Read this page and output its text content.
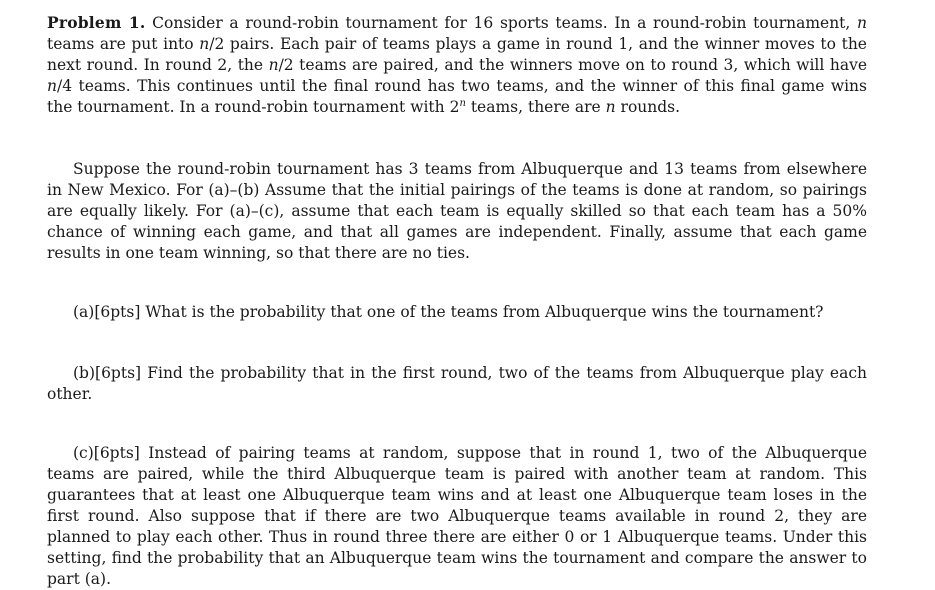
Problem 1. Consider a round-robin tournament for 16 sports teams. In a round-robin tournament, n teams are put into n/2 pairs. Each pair of teams plays a game in round 1, and the winner moves to the next round. In round 2, the n/2 teams are paired, and the winners move on to round 3, which will have n/4 teams. This continues until the final round has two teams, and the winner of this final game wins the tournament. In a round-robin tournament with 2$^n$ teams, there are n rounds.

Suppose the round-robin tournament has 3 teams from Albuquerque and 13 teams from elsewhere in New Mexico. For (a)–(b) Assume that the initial pairings of the teams is done at random, so pairings are equally likely. For (a)–(c), assume that each team is equally skilled so that each team has a 50% chance of winning each game, and that all games are independent. Finally, assume that each game results in one team winning, so that there are no ties.

(a)[6pts] What is the probability that one of the teams from Albuquerque wins the tournament?

(b)[6pts] Find the probability that in the first round, two of the teams from Albuquerque play each other.

(c)[6pts] Instead of pairing teams at random, suppose that in round 1, two of the Albuquerque teams are paired, while the third Albuquerque team is paired with another team at random. This guarantees that at least one Albuquerque team wins and at least one Albuquerque team loses in the first round. Also suppose that if there are two Albuquerque teams available in round 2, they are planned to play each other. Thus in round three there are either 0 or 1 Albuquerque teams. Under this setting, find the probability that an Albuquerque team wins the tournament and compare the answer to part (a).
